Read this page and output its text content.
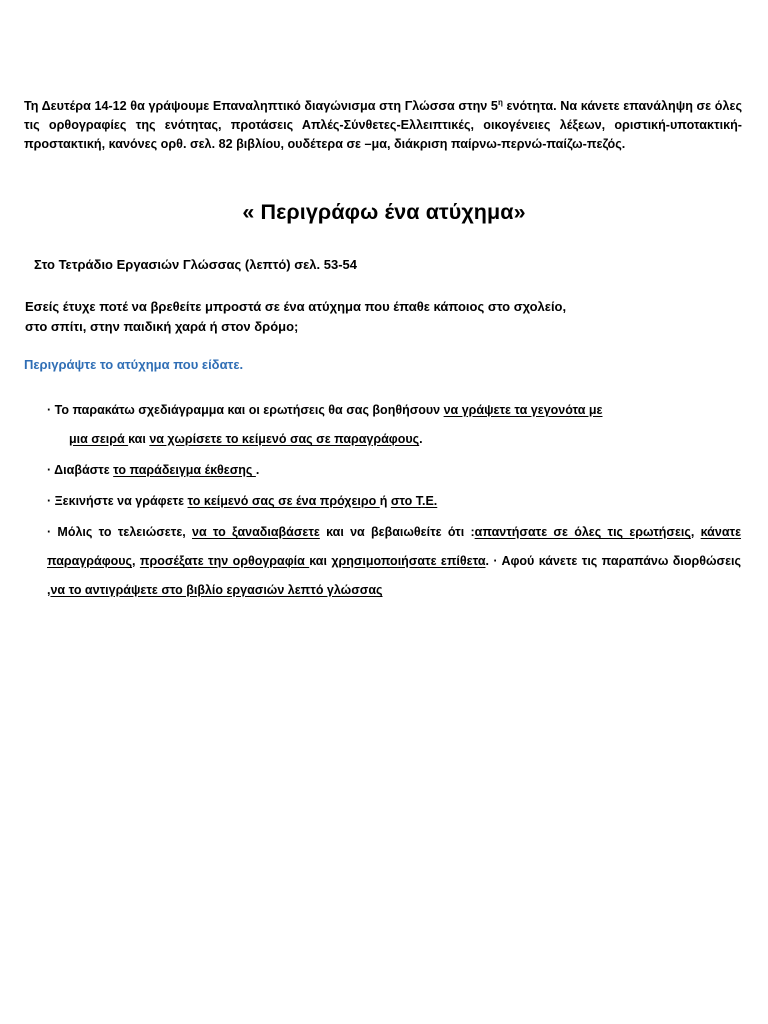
Τη Δευτέρα 14-12 θα γράψουμε Επαναληπτικό διαγώνισμα στη Γλώσσα στην $5^\eta$ ενότητα. Να κάνετε επανάληψη σε όλες τις ορθογραφίες της ενότητας, προτάσεις Απλές-Σύνθετες-Ελλειπτικές, οικογένειες λέξεων, οριστική-υποτακτική-προστακτική, κανόνες ορθ. σελ. 82 βιβλίου, ουδέτερα σε –μα, διάκριση παίρνω-περνώ-παίζω-πεζός.
« Περιγράφω ένα ατύχημα»
Στο Τετράδιο Εργασιών Γλώσσας (λεπτό) σελ. 53-54
Εσείς έτυχε ποτέ να βρεθείτε μπροστά σε ένα ατύχημα που έπαθε κάποιος στο σχολείο,
στο σπίτι, στην παιδική χαρά ή στον δρόμο;
Περιγράψτε το ατύχημα που είδατε.

· Το παρακάτω σχεδιάγραμμα και οι ερωτήσεις θα σας βοηθήσουν να γράψετε τα γεγονότα με
μια σειρά και να χωρίσετε το κείμενό σας σε παραγράφους.

· Διαβάστε το παράδειγμα έκθεσης .

· Ξεκινήστε να γράφετε το κείμενό σας σε ένα πρόχειρο ή στο Τ.Ε.

· Μόλις το τελειώσετε, να το ξαναδιαβάσετε και να βεβαιωθείτε ότι :απαντήσατε σε όλες τις ερωτήσεις, κάνατε παραγράφους, προσέξατε την ορθογραφία και χρησιμοποιήσατε επίθετα. · Αφού κάνετε τις παραπάνω διορθώσεις ,να το αντιγράψετε στο βιβλίο εργασιών λεπτό γλώσσας
